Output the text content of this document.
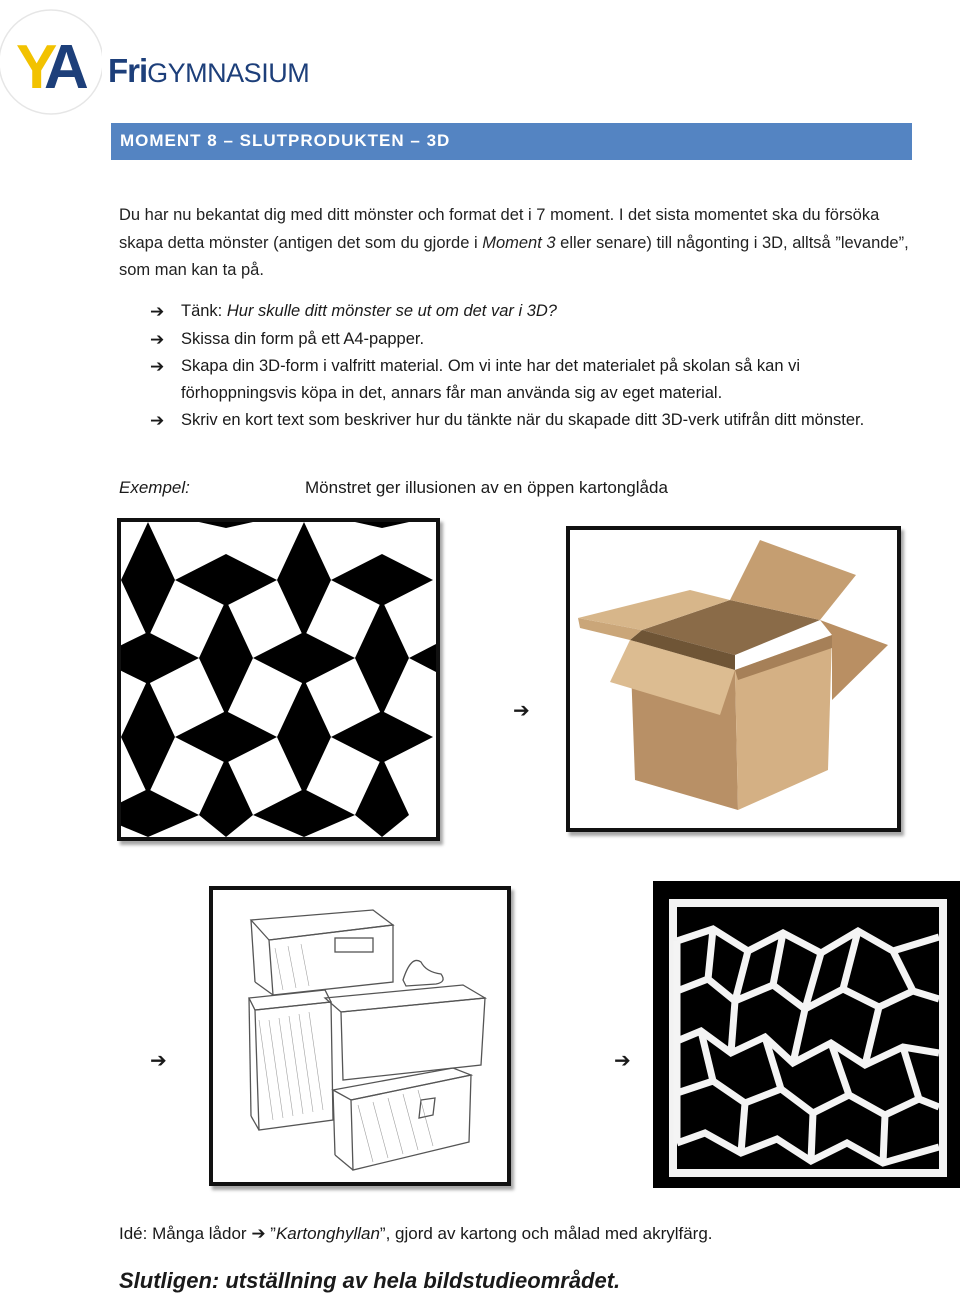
Y
A FriGYMNASIUM
MOMENT 8 – SLUTPRODUKTEN – 3D
Du har nu bekantat dig med ditt mönster och format det i 7 moment. I det sista momentet ska du försöka skapa detta mönster (antigen det som du gjorde i Moment 3 eller senare) till någonting i 3D, alltså ”levande”, som man kan ta på.
➔ Tänk: Hur skulle ditt mönster se ut om det var i 3D?
➔ Skissa din form på ett A4-papper.
➔ Skapa din 3D-form i valfritt material. Om vi inte har det materialet på skolan så kan vi förhoppningsvis köpa in det, annars får man använda sig av eget material.
➔ Skriv en kort text som beskriver hur du tänkte när du skapade ditt 3D-verk utifrån ditt mönster.
Exempel:	Mönstret ger illusionen av en öppen kartonglåda
➔
➔	➔
Idé: Många lådor ➔ ”Kartonghyllan”, gjord av kartong och målad med akrylfärg.
Slutligen: utställning av hela bildstudieområdet.
